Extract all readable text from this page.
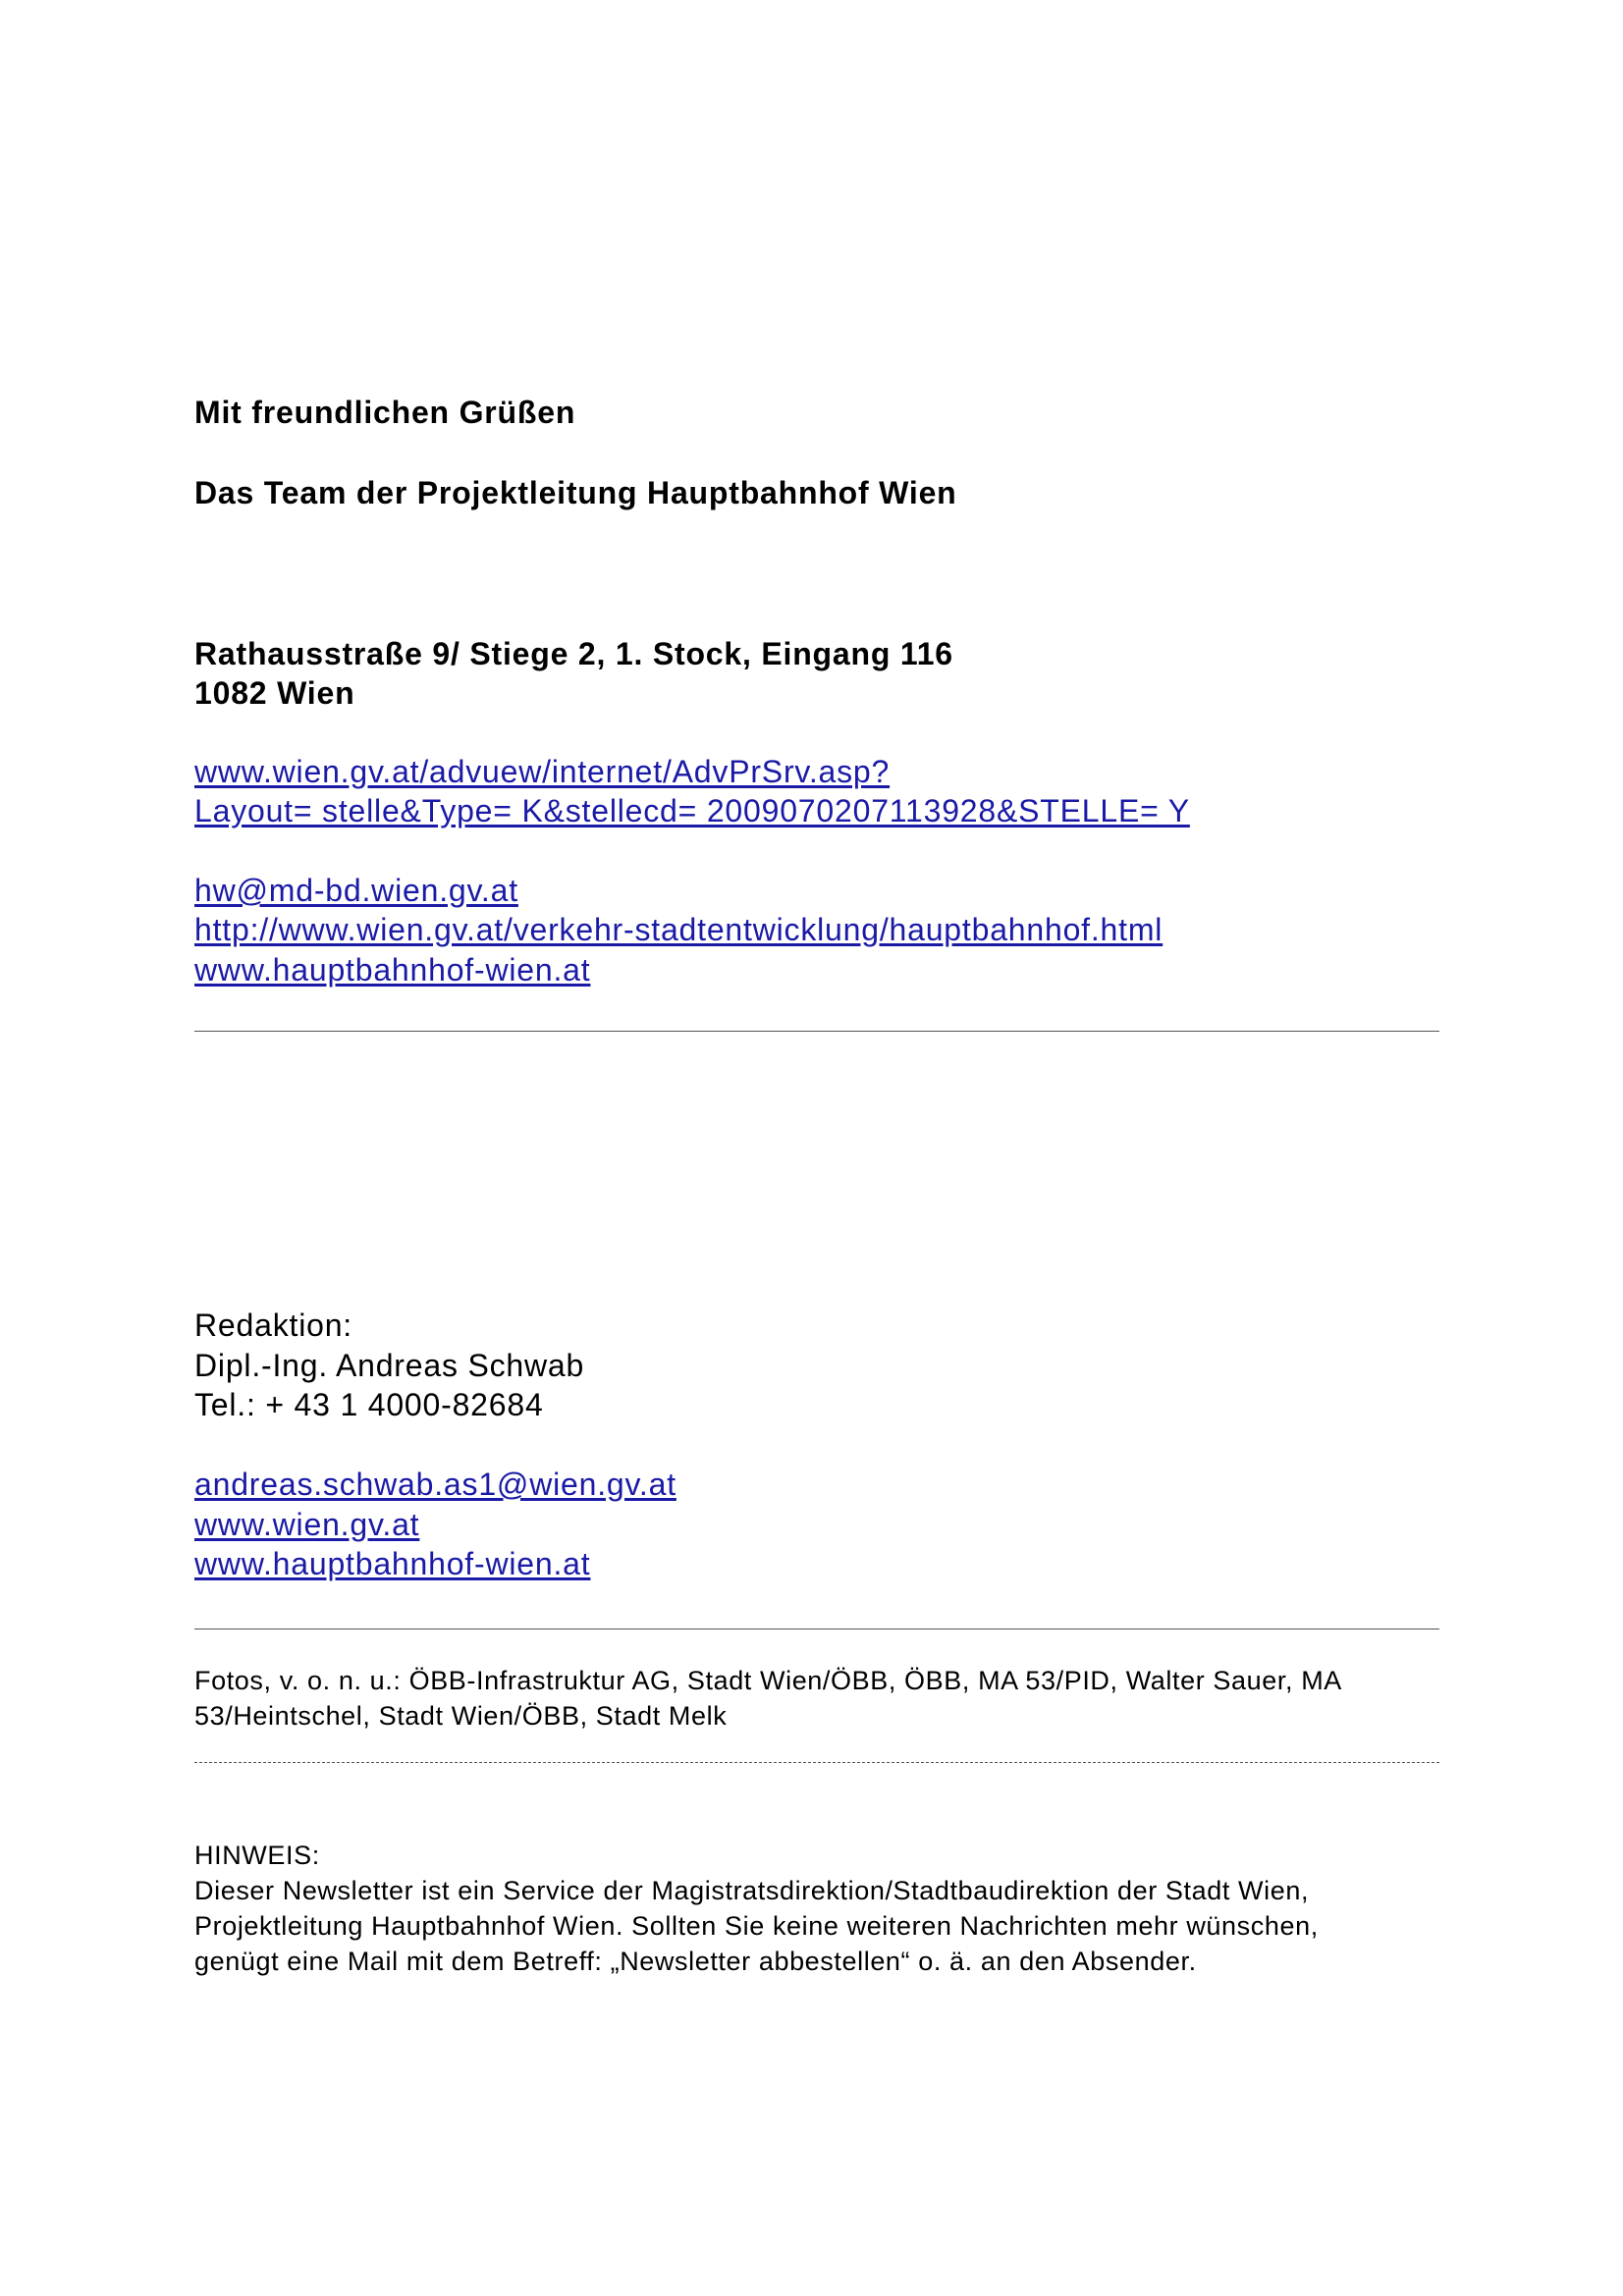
Mit freundlichen Grüßen
Das Team der Projektleitung Hauptbahnhof Wien
Rathausstraße 9/ Stiege 2, 1. Stock, Eingang 116
1082 Wien
www.wien.gv.at/advuew/internet/AdvPrSrv.asp?
Layout= stelle&Type= K&stellecd= 2009070207113928&STELLE= Y
hw@md-bd.wien.gv.at
http://www.wien.gv.at/verkehr-stadtentwicklung/hauptbahnhof.html
www.hauptbahnhof-wien.at
Redaktion:
Dipl.-Ing. Andreas Schwab
Tel.: + 43 1 4000-82684
andreas.schwab.as1@wien.gv.at
www.wien.gv.at
www.hauptbahnhof-wien.at
Fotos, v. o. n. u.: ÖBB-Infrastruktur AG, Stadt Wien/ÖBB, ÖBB, MA 53/PID, Walter Sauer, MA
53/Heintschel, Stadt Wien/ÖBB, Stadt Melk
HINWEIS:
Dieser Newsletter ist ein Service der Magistratsdirektion/Stadtbaudirektion der Stadt Wien,
Projektleitung Hauptbahnhof Wien. Sollten Sie keine weiteren Nachrichten mehr wünschen,
genügt eine Mail mit dem Betreff: „Newsletter abbestellen“ o. ä. an den Absender.
